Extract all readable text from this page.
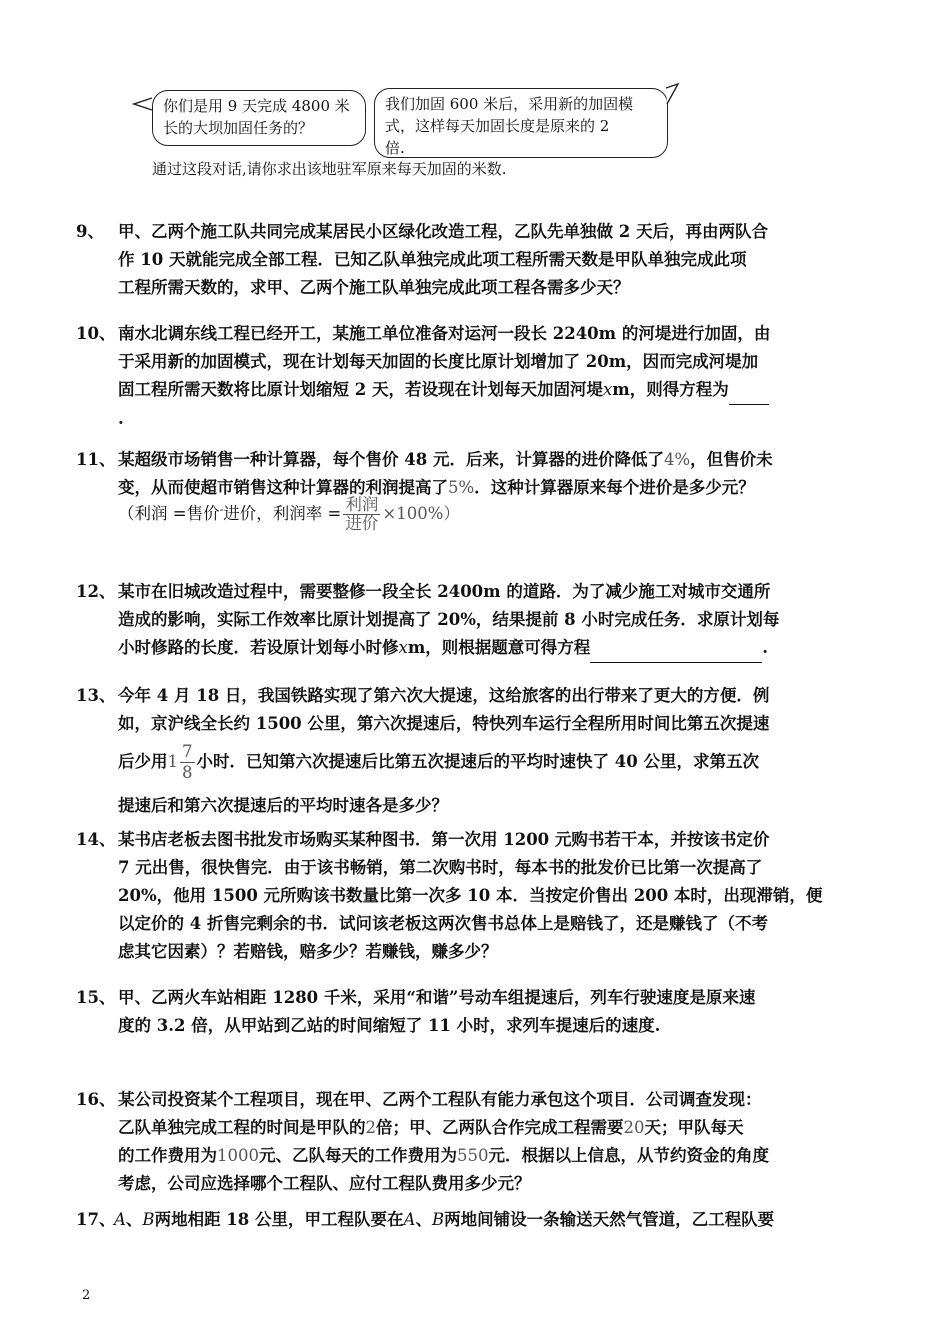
你们是用 9 天完成 4800 米
长的大坝加固任务的？
我们加固 600 米后，采用新的加固模
式，这样每天加固长度是原来的 2
倍.
通过这段对话,请你求出该地驻军原来每天加固的米数.
9、 甲、乙两个施工队共同完成某居民小区绿化改造工程，乙队先单独做 2 天后，再由两队合
作 10 天就能完成全部工程．已知乙队单独完成此项工程所需天数是甲队单独完成此项
工程所需天数的，求甲、乙两个施工队单独完成此项工程各需多少天？
10、 南水北调东线工程已经开工，某施工单位准备对运河一段长 2240m 的河堤进行加固，由
于采用新的加固模式，现在计划每天加固的长度比原计划增加了 20m，因而完成河堤加
固工程所需天数将比原计划缩短 2 天，若设现在计划每天加固河堤xm，则得方程为
.
11、 某超级市场销售一种计算器，每个售价 48 元．后来，计算器的进价降低了4%，但售价未
变，从而使超市销售这种计算器的利润提高了5%．这种计算器原来每个进价是多少元？
（利润 =售价-进价，利润率 = $\frac{\text{利润}}{\text{进价}} \times 100\%$）
12、 某市在旧城改造过程中，需要整修一段全长 2400m 的道路．为了减少施工对城市交通所
造成的影响，实际工作效率比原计划提高了 20%，结果提前 8 小时完成任务．求原计划每
小时修路的长度．若设原计划每小时修xm，则根据题意可得方程	.
13、 今年 4 月 18 日，我国铁路实现了第六次大提速，这给旅客的出行带来了更大的方便．例
如，京沪线全长约 1500 公里，第六次提速后，特快列车运行全程所用时间比第五次提速
后少用$1 \frac{7}{8}$ 小时．已知第六次提速后比第五次提速后的平均时速快了 40 公里，求第五次
提速后和第六次提速后的平均时速各是多少？
14、 某书店老板去图书批发市场购买某种图书．第一次用 1200 元购书若干本，并按该书定价
7 元出售，很快售完．由于该书畅销，第二次购书时，每本书的批发价已比第一次提高了
20%，他用 1500 元所购该书数量比第一次多 10 本．当按定价售出 200 本时，出现滞销，便
以定价的 4 折售完剩余的书．试问该老板这两次售书总体上是赔钱了，还是赚钱了（不考
虑其它因素）？若赔钱，赔多少？若赚钱，赚多少？
15、 甲、乙两火车站相距 1280 千米，采用“和谐”号动车组提速后，列车行驶速度是原来速
度的 3.2 倍，从甲站到乙站的时间缩短了 11 小时，求列车提速后的速度.
16、 某公司投资某个工程项目，现在甲、乙两个工程队有能力承包这个项目．公司调查发现：
乙队单独完成工程的时间是甲队的2倍；甲、乙两队合作完成工程需要20天；甲队每天
的工作费用为1000元、乙队每天的工作费用为550元．根据以上信息，从节约资金的角度
考虑，公司应选择哪个工程队、应付工程队费用多少元？
17、
A、B两地相距 18 公里，甲工程队要在A、B两地间铺设一条输送天然气管道，乙工程队要
2
